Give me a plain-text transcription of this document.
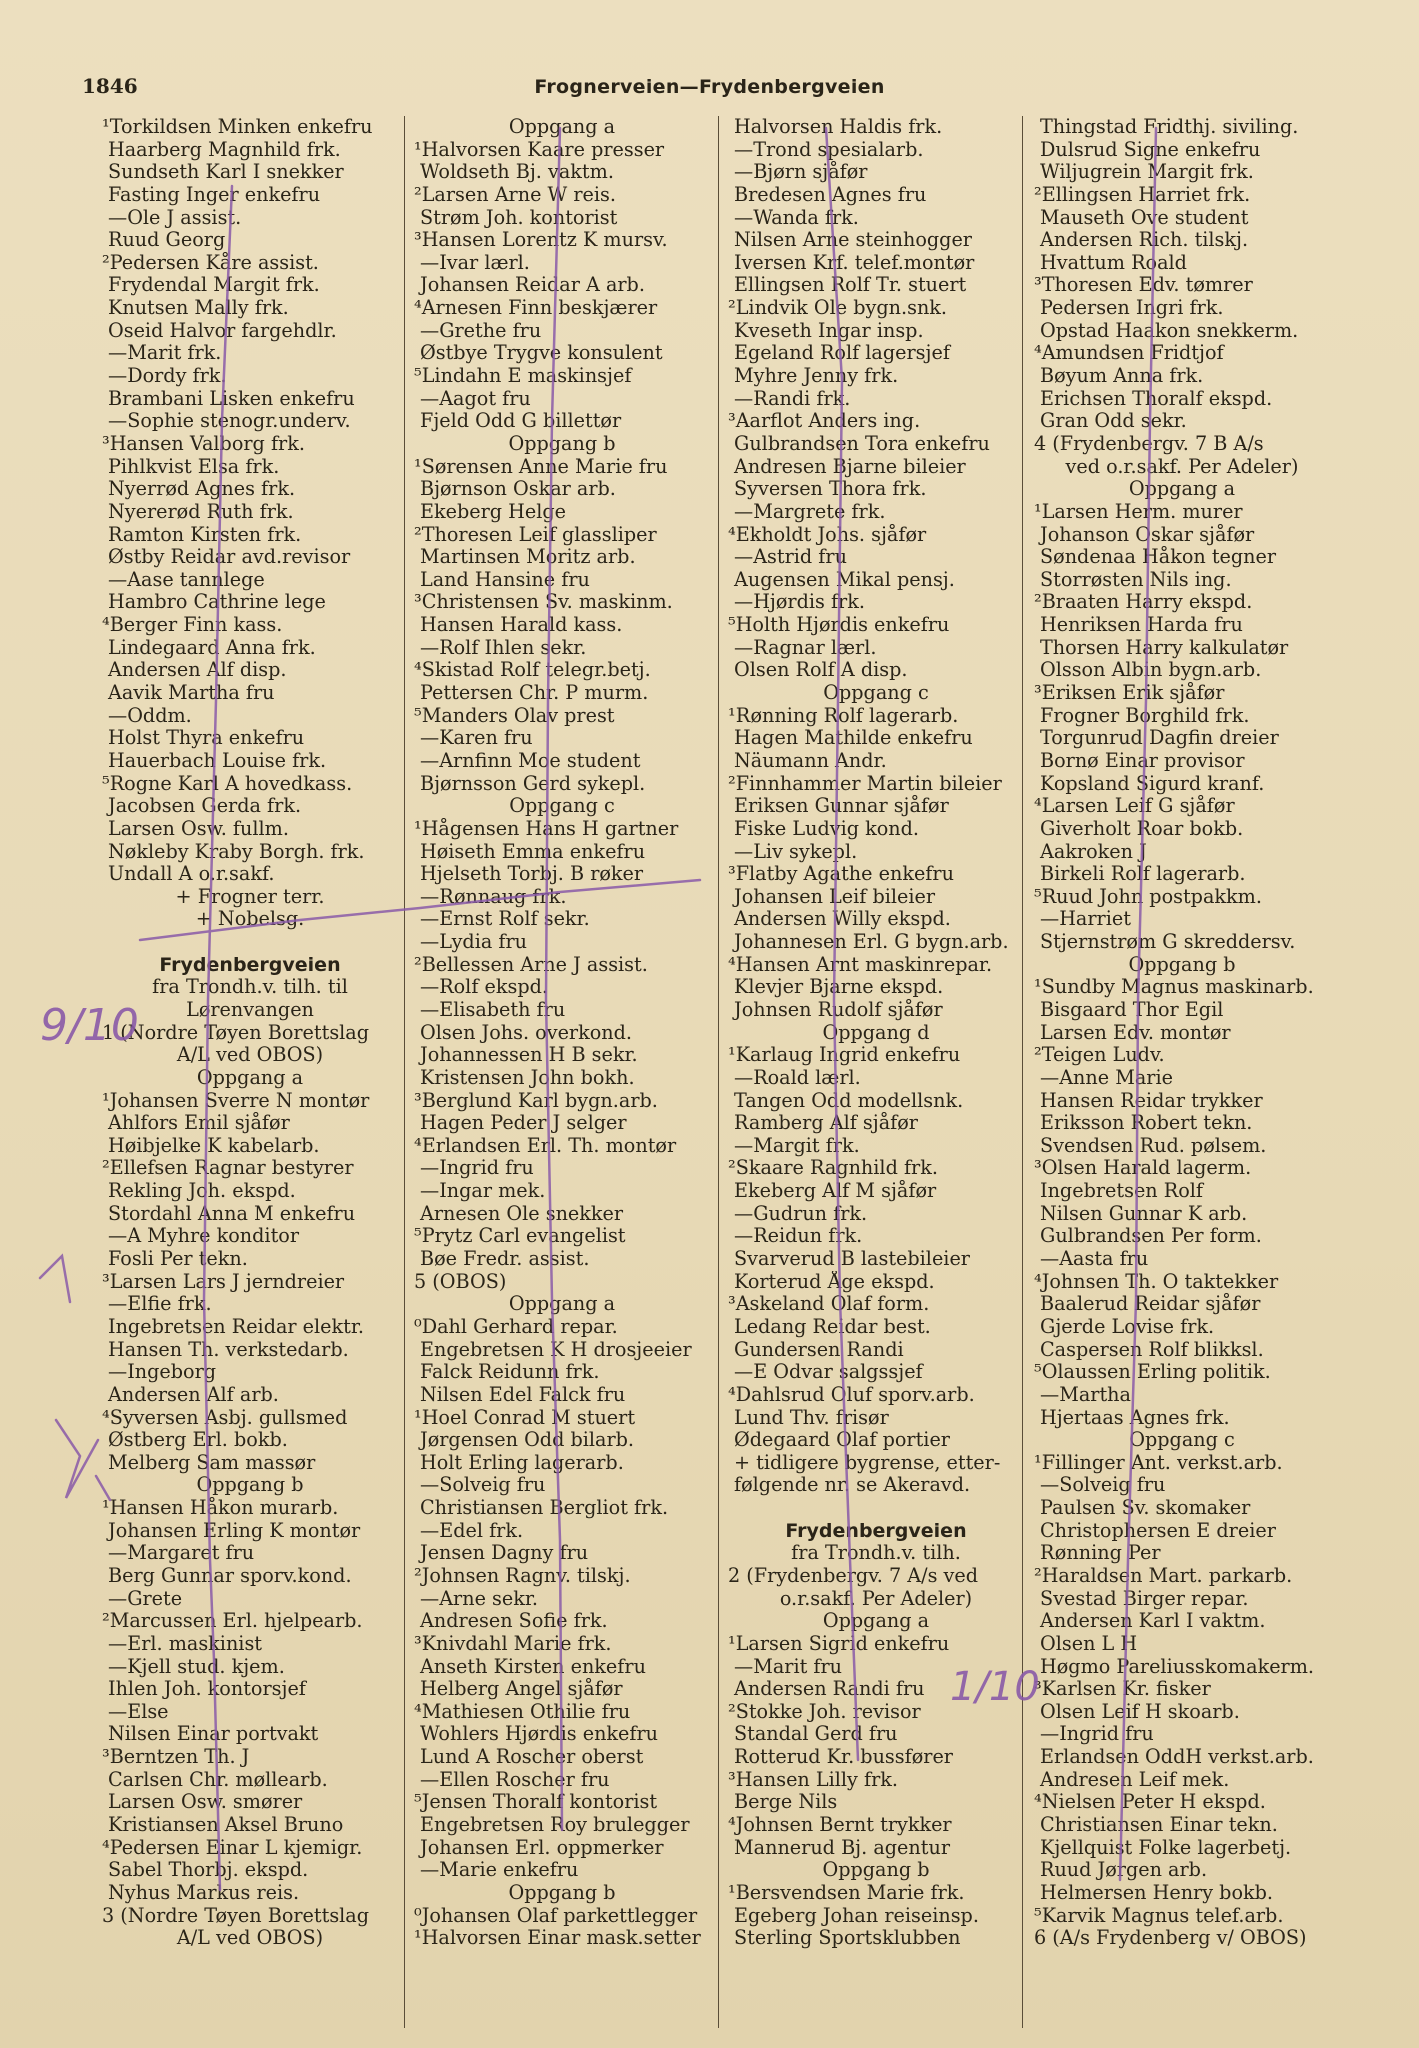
1846	Frognerveien—Frydenbergveien
¹Torkildsen Minken enkefru
Haarberg Magnhild frk.
Sundseth Karl I snekker
Fasting Inger enkefru
—Ole J assist.
Ruud Georg
²Pedersen Kåre assist.
Frydendal Margit frk.
Knutsen Mally frk.
Oseid Halvor fargehdlr.
—Marit frk.
—Dordy frk.
Brambani Lisken enkefru
—Sophie stenogr.underv.
³Hansen Valborg frk.
Pihlkvist Elsa frk.
Nyerrød Agnes frk.
Nyererød Ruth frk.
Ramton Kirsten frk.
Østby Reidar avd.revisor
—Aase tannlege
Hambro Cathrine lege
⁴Berger Finn kass.
Lindegaard Anna frk.
Andersen Alf disp.
Aavik Martha fru
—Oddm.
Holst Thyra enkefru
Hauerbach Louise frk.
⁵Rogne Karl A hovedkass.
Jacobsen Gerda frk.
Larsen Osw. fullm.
Nøkleby Kraby Borgh. frk.
Undall A o.r.sakf.
+ Frogner terr.
+ Nobelsg.
Frydenbergveien
fra Trondh.v. tilh. til
Lørenvangen
1 (Nordre Tøyen Borettslag
A/L ved OBOS)
Oppgang a
¹Johansen Sverre N montør
Ahlfors Emil sjåfør
Høibjelke K kabelarb.
²Ellefsen Ragnar bestyrer
Rekling Joh. ekspd.
Stordahl Anna M enkefru
—A Myhre konditor
Fosli Per tekn.
³Larsen Lars J jerndreier
—Elfie frk.
Ingebretsen Reidar elektr.
Hansen Th. verkstedarb.
—Ingeborg
Andersen Alf arb.
⁴Syversen Asbj. gullsmed
Østberg Erl. bokb.
Melberg Sam massør
Oppgang b
¹Hansen Håkon murarb.
Johansen Erling K montør
—Margaret fru
Berg Gunnar sporv.kond.
—Grete
²Marcussen Erl. hjelpearb.
—Erl. maskinist
—Kjell stud. kjem.
Ihlen Joh. kontorsjef
—Else
Nilsen Einar portvakt
³Berntzen Th. J
Carlsen Chr. møllearb.
Larsen Osw. smører
Kristiansen Aksel Bruno
⁴Pedersen Einar L kjemigr.
Sabel Thorbj. ekspd.
Nyhus Markus reis.
3 (Nordre Tøyen Borettslag
A/L ved OBOS)
Oppgang a
¹Halvorsen Kaare presser
Woldseth Bj. vaktm.
²Larsen Arne W reis.
Strøm Joh. kontorist
³Hansen Lorentz K mursv.
—Ivar lærl.
Johansen Reidar A arb.
⁴Arnesen Finn beskjærer
—Grethe fru
Østbye Trygve konsulent
⁵Lindahn E maskinsjef
—Aagot fru
Fjeld Odd G billettør
Oppgang b
¹Sørensen Anne Marie fru
Bjørnson Oskar arb.
Ekeberg Helge
²Thoresen Leif glassliper
Martinsen Moritz arb.
Land Hansine fru
³Christensen Sv. maskinm.
Hansen Harald kass.
—Rolf Ihlen sekr.
⁴Skistad Rolf telegr.betj.
Pettersen Chr. P murm.
⁵Manders Olav prest
—Karen fru
—Arnfinn Moe student
Bjørnsson Gerd sykepl.
Oppgang c
¹Hågensen Hans H gartner
Høiseth Emma enkefru
Hjelseth Torbj. B røker
—Rønnaug frk.
—Ernst Rolf sekr.
—Lydia fru
²Bellessen Arne J assist.
—Rolf ekspd.
—Elisabeth fru
Olsen Johs. overkond.
Johannessen H B sekr.
Kristensen John bokh.
³Berglund Karl bygn.arb.
Hagen Peder J selger
⁴Erlandsen Erl. Th. montør
—Ingrid fru
—Ingar mek.
Arnesen Ole snekker
⁵Prytz Carl evangelist
Bøe Fredr. assist.
5 (OBOS)
Oppgang a
⁰Dahl Gerhard repar.
Engebretsen K H drosjeeier
Falck Reidunn frk.
Nilsen Edel Falck fru
¹Hoel Conrad M stuert
Jørgensen Odd bilarb.
Holt Erling lagerarb.
—Solveig fru
Christiansen Bergliot frk.
—Edel frk.
Jensen Dagny fru
²Johnsen Ragnv. tilskj.
—Arne sekr.
Andresen Sofie frk.
³Knivdahl Marie frk.
Anseth Kirsten enkefru
Helberg Angel sjåfør
⁴Mathiesen Othilie fru
Wohlers Hjørdis enkefru
Lund A Roscher oberst
—Ellen Roscher fru
⁵Jensen Thoralf kontorist
Engebretsen Roy brulegger
Johansen Erl. oppmerker
—Marie enkefru
Oppgang b
⁰Johansen Olaf parkettlegger
¹Halvorsen Einar mask.setter
Halvorsen Haldis frk.
—Trond spesialarb.
—Bjørn sjåfør
Bredesen Agnes fru
—Wanda frk.
Nilsen Arne steinhogger
Iversen Krf. telef.montør
Ellingsen Rolf Tr. stuert
²Lindvik Ole bygn.snk.
Kveseth Ingar insp.
Egeland Rolf lagersjef
Myhre Jenny frk.
—Randi frk.
³Aarflot Anders ing.
Gulbrandsen Tora enkefru
Andresen Bjarne bileier
Syversen Thora frk.
—Margrete frk.
⁴Ekholdt Johs. sjåfør
—Astrid fru
Augensen Mikal pensj.
—Hjørdis frk.
⁵Holth Hjørdis enkefru
—Ragnar lærl.
Olsen Rolf A disp.
Oppgang c
¹Rønning Rolf lagerarb.
Hagen Mathilde enkefru
Näumann Andr.
²Finnhammer Martin bileier
Eriksen Gunnar sjåfør
Fiske Ludvig kond.
—Liv sykepl.
³Flatby Agathe enkefru
Johansen Leif bileier
Andersen Willy ekspd.
Johannesen Erl. G bygn.arb.
⁴Hansen Arnt maskinrepar.
Klevjer Bjarne ekspd.
Johnsen Rudolf sjåfør
Oppgang d
¹Karlaug Ingrid enkefru
—Roald lærl.
Tangen Odd modellsnk.
Ramberg Alf sjåfør
—Margit frk.
²Skaare Ragnhild frk.
Ekeberg Alf M sjåfør
—Gudrun frk.
—Reidun frk.
Svarverud B lastebileier
Korterud Åge ekspd.
³Askeland Olaf form.
Ledang Reidar best.
Gundersen Randi
—E Odvar salgssjef
⁴Dahlsrud Oluf sporv.arb.
Lund Thv. frisør
Ødegaard Olaf portier
+ tidligere bygrense, etter-
følgende nr. se Akeravd.
Frydenbergveien
fra Trondh.v. tilh.
2 (Frydenbergv. 7 A/s ved
o.r.sakf. Per Adeler)
Oppgang a
¹Larsen Sigrid enkefru
—Marit fru
Andersen Randi fru
²Stokke Joh. revisor
Standal Gerd fru
Rotterud Kr. bussfører
³Hansen Lilly frk.
Berge Nils
⁴Johnsen Bernt trykker
Mannerud Bj. agentur
Oppgang b
¹Bersvendsen Marie frk.
Egeberg Johan reiseinsp.
Sterling Sportsklubben
Thingstad Fridthj. siviling.
Dulsrud Signe enkefru
Wiljugrein Margit frk.
²Ellingsen Harriet frk.
Mauseth Ove student
Andersen Rich. tilskj.
Hvattum Roald
³Thoresen Edv. tømrer
Pedersen Ingri frk.
Opstad Haakon snekkerm.
⁴Amundsen Fridtjof
Bøyum Anna frk.
Erichsen Thoralf ekspd.
Gran Odd sekr.
4 (Frydenbergv. 7 B A/s
ved o.r.sakf. Per Adeler)
Oppgang a
¹Larsen Herm. murer
Johanson Oskar sjåfør
Søndenaa Håkon tegner
Storrøsten Nils ing.
²Braaten Harry ekspd.
Henriksen Harda fru
Thorsen Harry kalkulatør
Olsson Albin bygn.arb.
³Eriksen Erik sjåfør
Frogner Borghild frk.
Torgunrud Dagfin dreier
Bornø Einar provisor
Kopsland Sigurd kranf.
⁴Larsen Leif G sjåfør
Giverholt Roar bokb.
Aakroken J
Birkeli Rolf lagerarb.
⁵Ruud John postpakkm.
—Harriet
Stjernstrøm G skreddersv.
Oppgang b
¹Sundby Magnus maskinarb.
Bisgaard Thor Egil
Larsen Edv. montør
²Teigen Ludv.
—Anne Marie
Hansen Reidar trykker
Eriksson Robert tekn.
Svendsen Rud. pølsem.
³Olsen Harald lagerm.
Ingebretsen Rolf
Nilsen Gunnar K arb.
Gulbrandsen Per form.
—Aasta fru
⁴Johnsen Th. O taktekker
Baalerud Reidar sjåfør
Gjerde Lovise frk.
Caspersen Rolf blikksl.
⁵Olaussen Erling politik.
—Martha
Hjertaas Agnes frk.
Oppgang c
¹Fillinger Ant. verkst.arb.
—Solveig fru
Paulsen Sv. skomaker
Christophersen E dreier
Rønning Per
²Haraldsen Mart. parkarb.
Svestad Birger repar.
Andersen Karl I vaktm.
Olsen L H
Høgmo Pareliusskomakerm.
³Karlsen Kr. fisker
Olsen Leif H skoarb.
—Ingrid fru
Erlandsen OddH verkst.arb.
Andresen Leif mek.
⁴Nielsen Peter H ekspd.
Christiansen Einar tekn.
Kjellquist Folke lagerbetj.
Ruud Jørgen arb.
Helmersen Henry bokb.
⁵Karvik Magnus telef.arb.
6 (A/s Frydenberg v/ OBOS)
9/10
1/10
